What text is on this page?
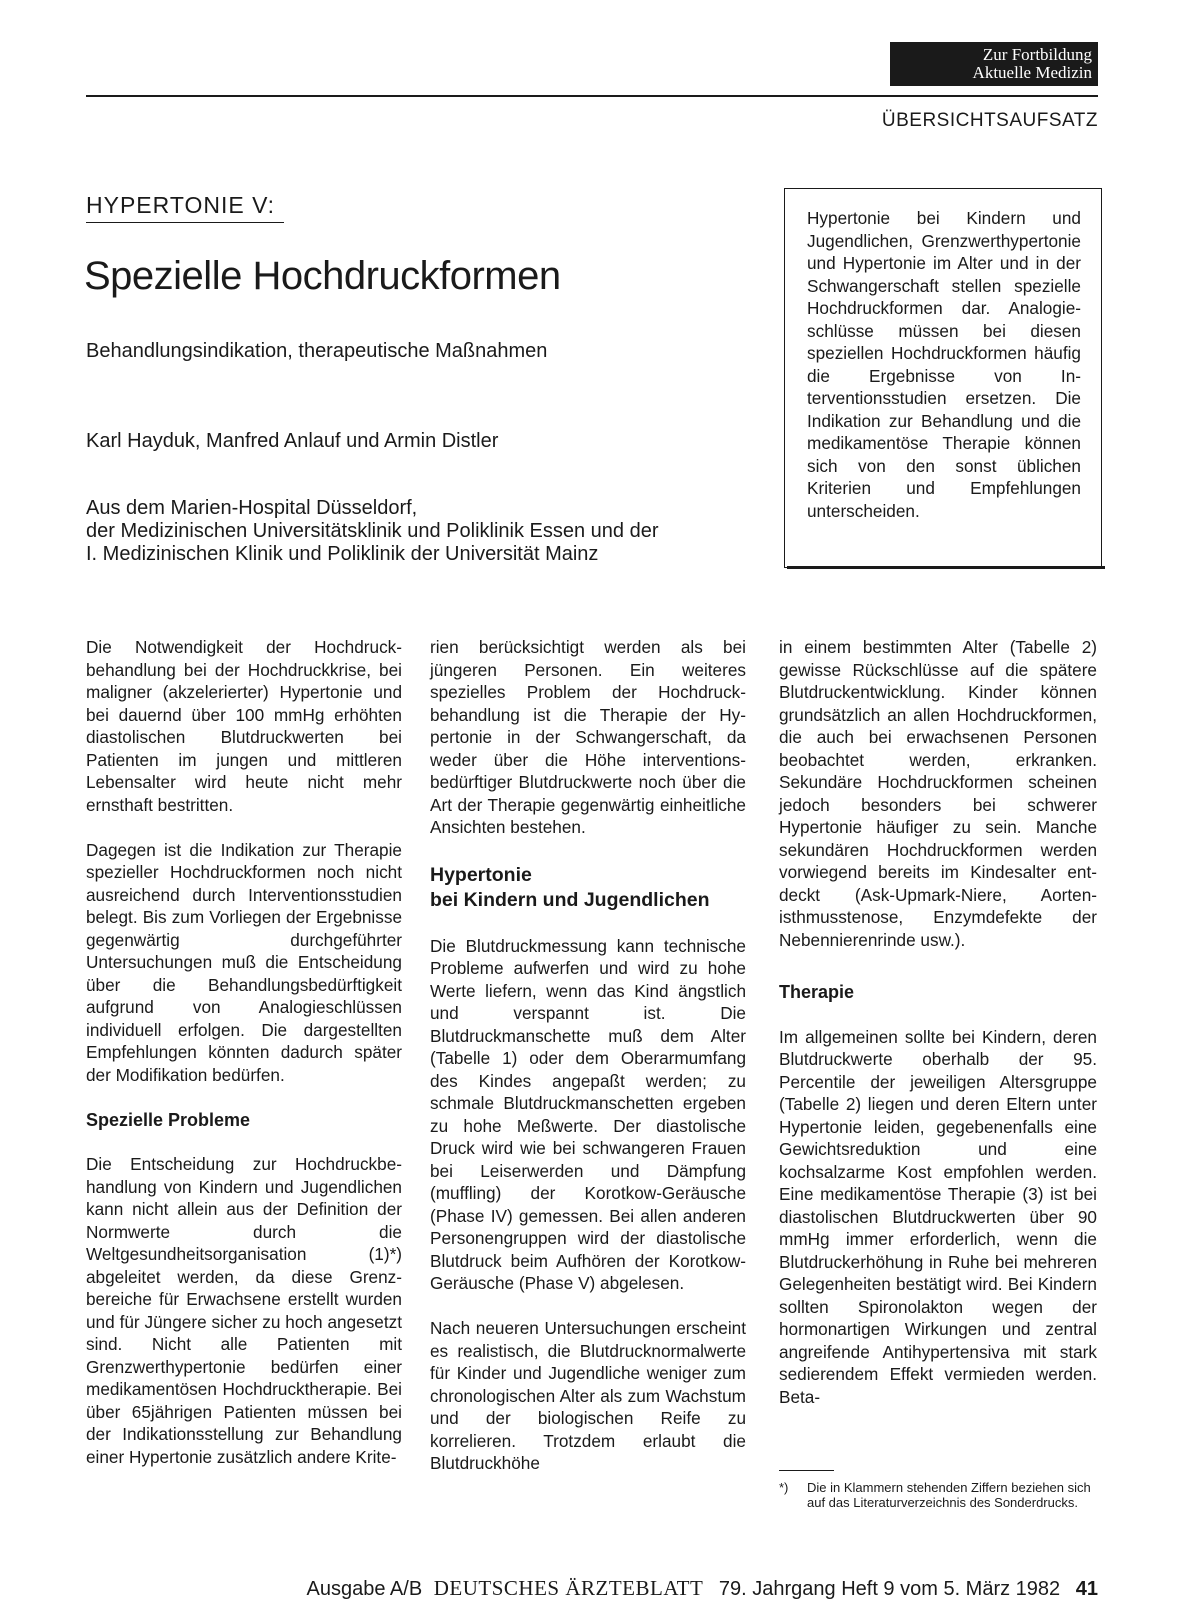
Zur Fortbildung
Aktuelle Medizin
ÜBERSICHTSAUFSATZ
HYPERTONIE V:
Spezielle Hochdruckformen
Behandlungsindikation, therapeutische Maßnahmen
Karl Hayduk, Manfred Anlauf und Armin Distler
Aus dem Marien-Hospital Düsseldorf,
der Medizinischen Universitätsklinik und Poliklinik Essen und der
I. Medizinischen Klinik und Poliklinik der Universität Mainz

Hypertonie bei Kindern und Jugendlichen, Grenzwerthypertonie und Hypertonie im Alter und in der Schwangerschaft stellen spezielle Hochdruckformen dar. Analogieschlüsse müssen bei diesen speziellen Hochdruckformen häufig die Ergebnisse von Interventionsstudien ersetzen. Die Indikation zur Behandlung und die medikamentöse Therapie können sich von den sonst üblichen Kriterien und Empfehlungen unterscheiden.

Die Notwendigkeit der Hochdruckbehandlung bei der Hochdruckkrise, bei maligner (akzelerierter) Hypertonie und bei dauernd über 100 mmHg erhöhten diastolischen Blutdruckwerten bei Patienten im jungen und mittleren Lebensalter wird heute nicht mehr ernsthaft bestritten.

Dagegen ist die Indikation zur Therapie spezieller Hochdruckformen noch nicht ausreichend durch Interventionsstudien belegt. Bis zum Vorliegen der Ergebnisse gegenwärtig durchgeführter Untersuchungen muß die Entscheidung über die Behandlungsbedürftigkeit aufgrund von Analogieschlüssen individuell erfolgen. Die dargestellten Empfehlungen könnten dadurch später der Modifikation bedürfen.

Spezielle Probleme

Die Entscheidung zur Hochdruckbehandlung von Kindern und Jugendlichen kann nicht allein aus der Definition der Normwerte durch die Weltgesundheitsorganisation (1)*) abgeleitet werden, da diese Grenzbereiche für Erwachsene erstellt wurden und für Jüngere sicher zu hoch angesetzt sind. Nicht alle Patienten mit Grenzwerthypertonie bedürfen einer medikamentösen Hochdrucktherapie. Bei über 65jährigen Patienten müssen bei der Indikationsstellung zur Behandlung einer Hypertonie zusätzlich andere Krite-

rien berücksichtigt werden als bei jüngeren Personen. Ein weiteres spezielles Problem der Hochdruckbehandlung ist die Therapie der Hypertonie in der Schwangerschaft, da weder über die Höhe interventionsbedürftiger Blutdruckwerte noch über die Art der Therapie gegenwärtig einheitliche Ansichten bestehen.

Hypertonie
bei Kindern und Jugendlichen

Die Blutdruckmessung kann technische Probleme aufwerfen und wird zu hohe Werte liefern, wenn das Kind ängstlich und verspannt ist. Die Blutdruckmanschette muß dem Alter (Tabelle 1) oder dem Oberarmumfang des Kindes angepaßt werden; zu schmale Blutdruckmanschetten ergeben zu hohe Meßwerte. Der diastolische Druck wird wie bei schwangeren Frauen bei Leiserwerden und Dämpfung (muffling) der Korotkow-Geräusche (Phase IV) gemessen. Bei allen anderen Personengruppen wird der diastolische Blutdruck beim Aufhören der Korotkow-Geräusche (Phase V) abgelesen.

Nach neueren Untersuchungen erscheint es realistisch, die Blutdrucknormalwerte für Kinder und Jugendliche weniger zum chronologischen Alter als zum Wachstum und der biologischen Reife zu korrelieren. Trotzdem erlaubt die Blutdruckhöhe

in einem bestimmten Alter (Tabelle 2) gewisse Rückschlüsse auf die spätere Blutdruckentwicklung. Kinder können grundsätzlich an allen Hochdruckformen, die auch bei erwachsenen Personen beobachtet werden, erkranken. Sekundäre Hochdruckformen scheinen jedoch besonders bei schwerer Hypertonie häufiger zu sein. Manche sekundären Hochdruckformen werden vorwiegend bereits im Kindesalter entdeckt (Ask-Upmark-Niere, Aortenisthmusstenose, Enzymdefekte der Nebennierenrinde usw.).

Therapie

Im allgemeinen sollte bei Kindern, deren Blutdruckwerte oberhalb der 95. Percentile der jeweiligen Altersgruppe (Tabelle 2) liegen und deren Eltern unter Hypertonie leiden, gegebenenfalls eine Gewichtsreduktion und eine kochsalzarme Kost empfohlen werden. Eine medikamentöse Therapie (3) ist bei diastolischen Blutdruckwerten über 90 mmHg immer erforderlich, wenn die Blutdruckerhöhung in Ruhe bei mehreren Gelegenheiten bestätigt wird. Bei Kindern sollten Spironolakton wegen der hormonartigen Wirkungen und zentral angreifende Antihypertensiva mit stark sedierendem Effekt vermieden werden. Beta-

*)	Die in Klammern stehenden Ziffern beziehen sich auf das Literaturverzeichnis des Sonderdrucks.
Ausgabe A/B DEUTSCHES ÄRZTEBLATT 79. Jahrgang Heft 9 vom 5. März 1982 41
